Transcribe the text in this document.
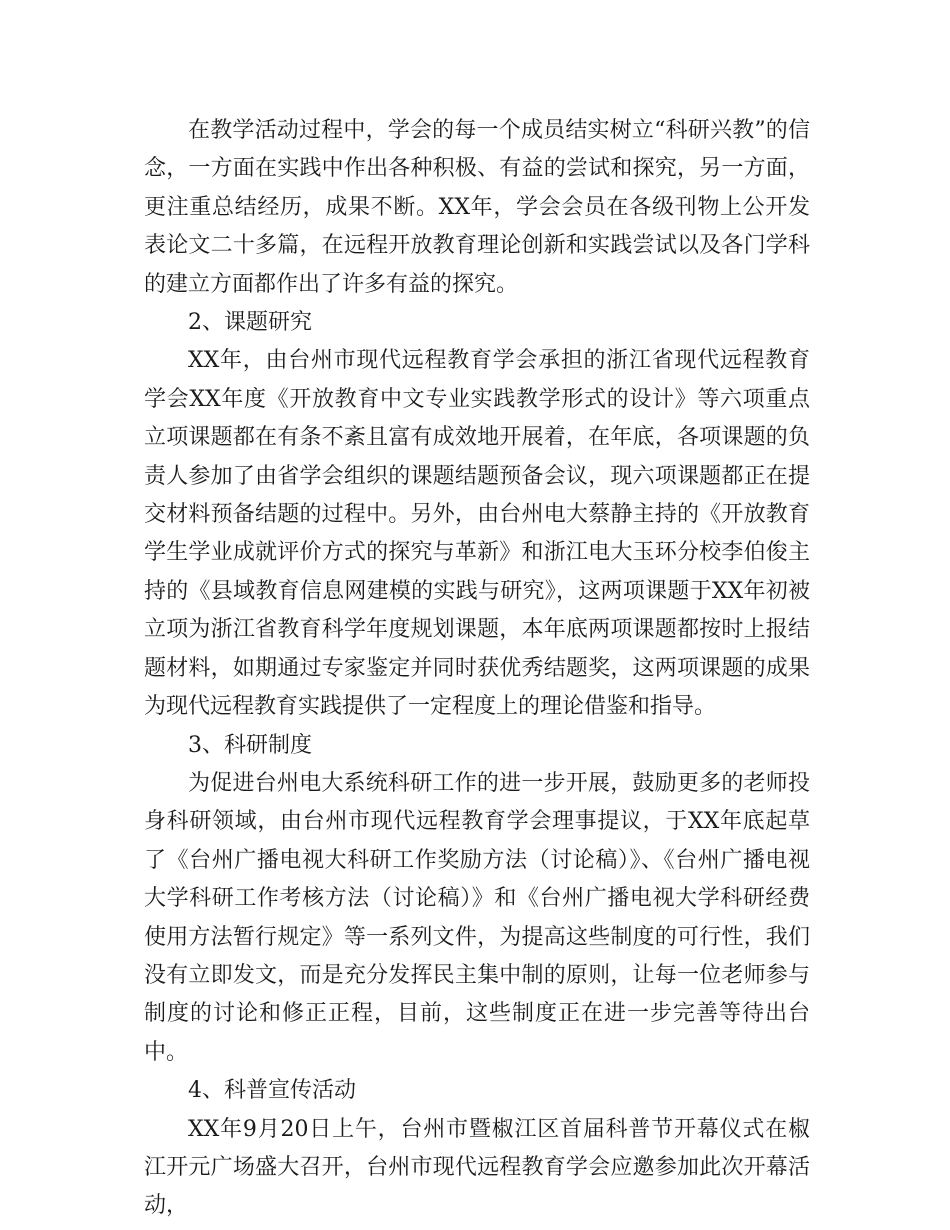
在教学活动过程中，学会的每一个成员结实树立“科研兴教”的信念，一方面在实践中作出各种积极、有益的尝试和探究，另一方面，更注重总结经历，成果不断。XX年，学会会员在各级刊物上公开发表论文二十多篇，在远程开放教育理论创新和实践尝试以及各门学科的建立方面都作出了许多有益的探究。

2、课题研究

XX年，由台州市现代远程教育学会承担的浙江省现代远程教育学会XX年度《开放教育中文专业实践教学形式的设计》等六项重点立项课题都在有条不紊且富有成效地开展着，在年底，各项课题的负责人参加了由省学会组织的课题结题预备会议，现六项课题都正在提交材料预备结题的过程中。另外，由台州电大蔡静主持的《开放教育学生学业成就评价方式的探究与革新》和浙江电大玉环分校李伯俊主持的《县域教育信息网建模的实践与研究》，这两项课题于XX年初被立项为浙江省教育科学年度规划课题，本年底两项课题都按时上报结题材料，如期通过专家鉴定并同时获优秀结题奖，这两项课题的成果为现代远程教育实践提供了一定程度上的理论借鉴和指导。

3、科研制度

为促进台州电大系统科研工作的进一步开展，鼓励更多的老师投身科研领域，由台州市现代远程教育学会理事提议，于XX年底起草了《台州广播电视大科研工作奖励方法（讨论稿）》、《台州广播电视大学科研工作考核方法（讨论稿）》和《台州广播电视大学科研经费使用方法暂行规定》等一系列文件，为提高这些制度的可行性，我们没有立即发文，而是充分发挥民主集中制的原则，让每一位老师参与制度的讨论和修正正程，目前，这些制度正在进一步完善等待出台中。

4、科普宣传活动

XX年9月20日上午，台州市暨椒江区首届科普节开幕仪式在椒江开元广场盛大召开，台州市现代远程教育学会应邀参加此次开幕活动，
